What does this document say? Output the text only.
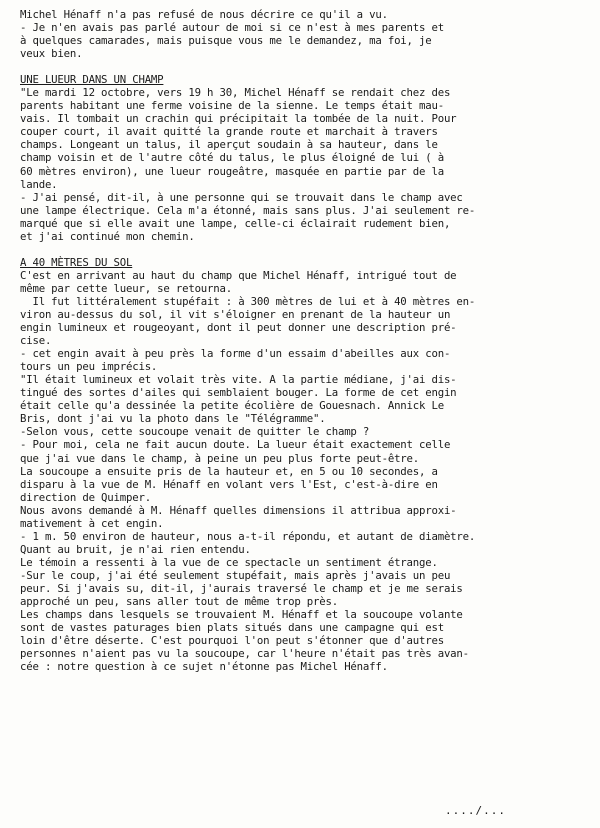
Michel Hénaff n'a pas refusé de nous décrire ce qu'il a vu.
- Je n'en avais pas parlé autour de moi si ce n'est à mes parents et
à quelques camarades, mais puisque vous me le demandez, ma foi, je
veux bien.
UNE LUEUR DANS UN CHAMP
"Le mardi 12 octobre, vers 19 h 30, Michel Hénaff se rendait chez des
parents habitant une ferme voisine de la sienne. Le temps était mau-
vais. Il tombait un crachin qui précipitait la tombée de la nuit. Pour
couper court, il avait quitté la grande route et marchait à travers
champs. Longeant un talus, il aperçut soudain à sa hauteur, dans le
champ voisin et de l'autre côté du talus, le plus éloigné de lui ( à
60 mètres environ), une lueur rougeâtre, masquée en partie par de la
lande.
- J'ai pensé, dit-il, à une personne qui se trouvait dans le champ avec
une lampe électrique. Cela m'a étonné, mais sans plus. J'ai seulement re-
marqué que si elle avait une lampe, celle-ci éclairait rudement bien,
et j'ai continué mon chemin.
A 40 MÈTRES DU SOL
C'est en arrivant au haut du champ que Michel Hénaff, intrigué tout de
même par cette lueur, se retourna.
Il fut littéralement stupéfait : à 300 mètres de lui et à 40 mètres en-
viron au-dessus du sol, il vit s'éloigner en prenant de la hauteur un
engin lumineux et rougeoyant, dont il peut donner une description pré-
cise.
- cet engin avait à peu près la forme d'un essaim d'abeilles aux con-
tours un peu imprécis.
"Il était lumineux et volait très vite. A la partie médiane, j'ai dis-
tingué des sortes d'ailes qui semblaient bouger. La forme de cet engin
était celle qu'a dessinée la petite écolière de Gouesnach. Annick Le
Bris, dont j'ai vu la photo dans le "Télégramme".
-Selon vous, cette soucoupe venait de quitter le champ ?
- Pour moi, cela ne fait aucun doute. La lueur était exactement celle
que j'ai vue dans le champ, à peine un peu plus forte peut-être.
La soucoupe a ensuite pris de la hauteur et, en 5 ou 10 secondes, a
disparu à la vue de M. Hénaff en volant vers l'Est, c'est-à-dire en
direction de Quimper.
Nous avons demandé à M. Hénaff quelles dimensions il attribua approxi-
mativement à cet engin.
- 1 m. 50 environ de hauteur, nous a-t-il répondu, et autant de diamètre.
Quant au bruit, je n'ai rien entendu.
Le témoin a ressenti à la vue de ce spectacle un sentiment étrange.
-Sur le coup, j'ai été seulement stupéfait, mais après j'avais un peu
peur. Si j'avais su, dit-il, j'aurais traversé le champ et je me serais
approché un peu, sans aller tout de même trop près.
Les champs dans lesquels se trouvaient M. Hénaff et la soucoupe volante
sont de vastes paturages bien plats situés dans une campagne qui est
loin d'être déserte. C'est pourquoi l'on peut s'étonner que d'autres
personnes n'aient pas vu la soucoupe, car l'heure n'était pas très avan-
cée : notre question à ce sujet n'étonne pas Michel Hénaff.
..../...
